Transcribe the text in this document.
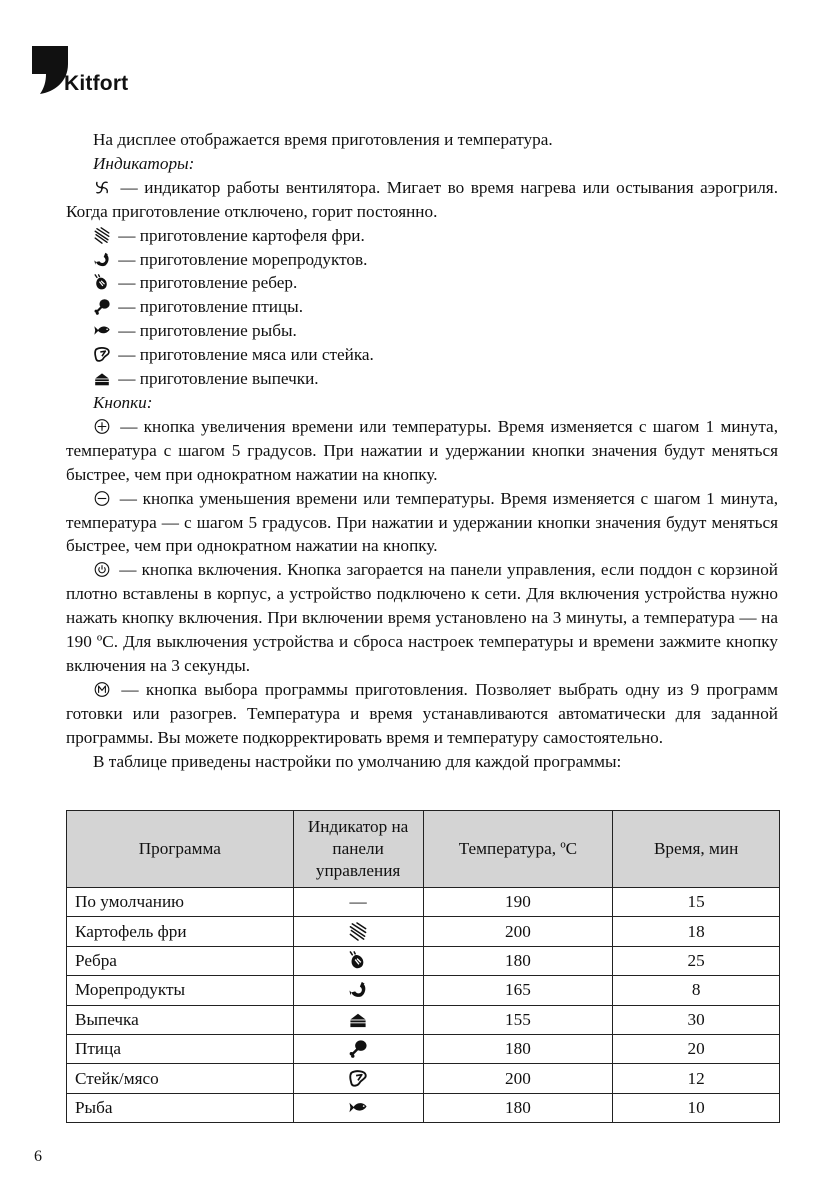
Kitfort

На дисплее отображается время приготовления и температура.

Индикаторы:

— индикатор работы вентилятора. Мигает во время нагрева или остывания аэрогриля. Когда приготовление отключено, горит постоянно.

— приготовление картофеля фри.

— приготовление морепродуктов.

— приготовление ребер.

— приготовление птицы.

— приготовление рыбы.

— приготовление мяса или стейка.

— приготовление выпечки.

Кнопки:

— кнопка увеличения времени или температуры. Время изменяется с шагом 1 минута, температура с шагом 5 градусов. При нажатии и удержании кнопки значения будут меняться быстрее, чем при однократном нажатии на кнопку.

— кнопка уменьшения времени или температуры. Время изменяется с шагом 1 минута, температура — с шагом 5 градусов. При нажатии и удержании кнопки значения будут меняться быстрее, чем при однократном нажатии на кнопку.

— кнопка включения. Кнопка загорается на панели управления, если поддон с корзиной плотно вставлены в корпус, а устройство подключено к сети. Для включения устройства нужно нажать кнопку включения. При включении время установлено на 3 минуты, а температура — на 190 ºС. Для выключения устройства и сброса настроек температуры и времени зажмите кнопку включения на 3 секунды.

— кнопка выбора программы приготовления. Позволяет выбрать одну из 9 программ готовки или разогрев. Температура и время устанавливаются автоматически для заданной программы. Вы можете подкорректировать время и температуру самостоятельно.

В таблице приведены настройки по умолчанию для каждой программы:

Программа	Индикатор на панели управления	Температура, ºС	Время, мин
По умолчанию	—	190	15
Картофель фри		200	18
Ребра		180	25
Морепродукты		165	8
Выпечка		155	30
Птица		180	20
Стейк/мясо		200	12
Рыба		180	10
6
